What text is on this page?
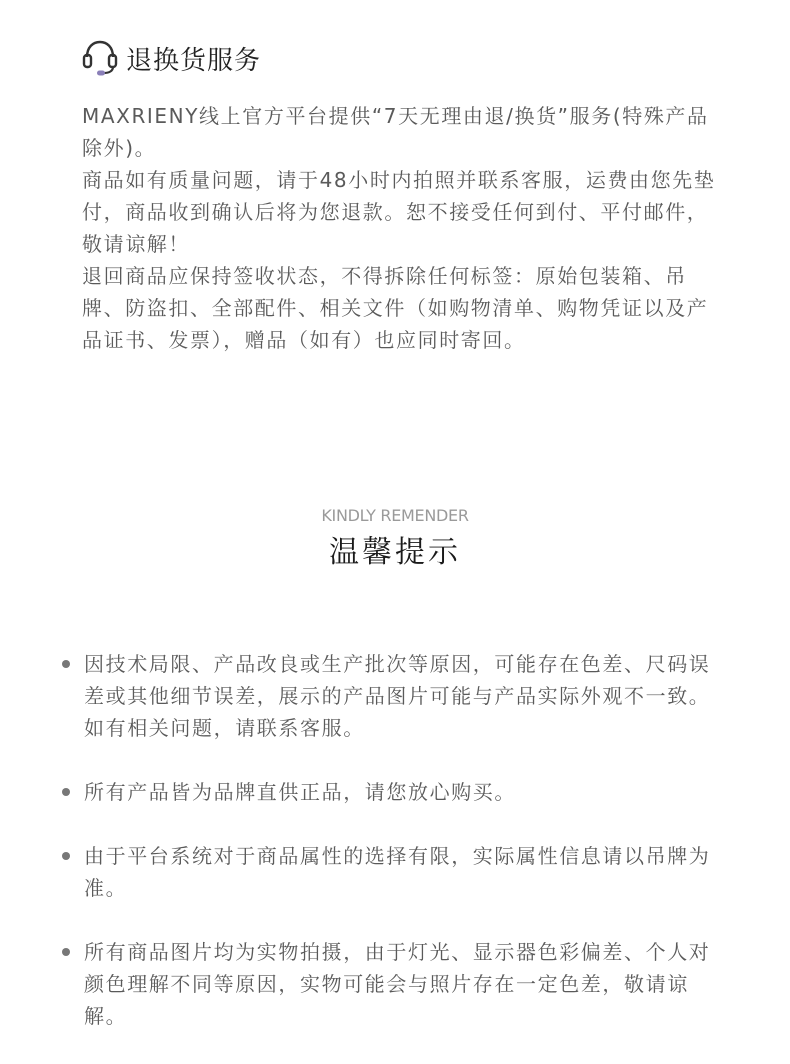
退换货服务

MAXRIENY线上官方平台提供“7天无理由退/换货”服务(特殊产品除外)。

商品如有质量问题，请于48小时内拍照并联系客服，运费由您先垫付，商品收到确认后将为您退款。恕不接受任何到付、平付邮件，敬请谅解！

退回商品应保持签收状态，不得拆除任何标签：原始包装箱、吊牌、防盗扣、全部配件、相关文件（如购物清单、购物凭证以及产品证书、发票），赠品（如有）也应同时寄回。

KINDLY REMENDER
温馨提示
因技术局限、产品改良或生产批次等原因，可能存在色差、尺码误差或其他细节误差，展示的产品图片可能与产品实际外观不一致。如有相关问题，请联系客服。
所有产品皆为品牌直供正品，请您放心购买。
由于平台系统对于商品属性的选择有限，实际属性信息请以吊牌为准。
所有商品图片均为实物拍摄，由于灯光、显示器色彩偏差、个人对颜色理解不同等原因，实物可能会与照片存在一定色差，敬请谅解。
